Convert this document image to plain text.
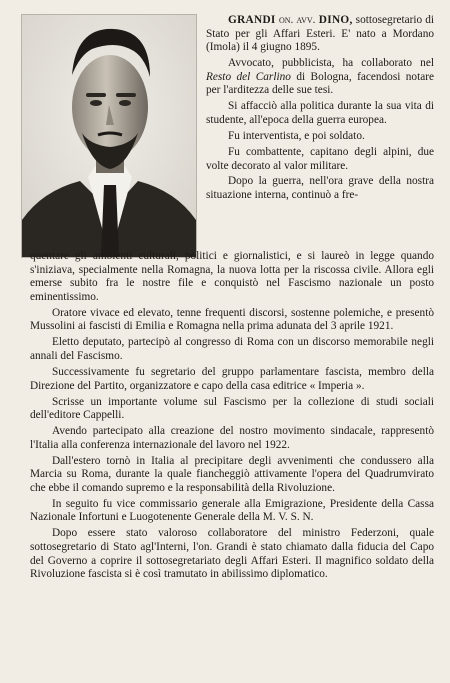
GRANDI on. avv. DINO, sottosegretario di Stato per gli Affari Esteri. E' nato a Mordano (Imola) il 4 giugno 1895.

Avvocato, pubblicista, ha collaborato nel Resto del Carlino di Bologna, facendosi notare per l'arditezza delle sue tesi.

Si affacciò alla politica durante la sua vita di studente, all'epoca della guerra europea.

Fu interventista, e poi soldato.

Fu combattente, capitano degli alpini, due volte decorato al valor militare.

Dopo la guerra, nell'ora grave della nostra situazione interna, continuò a fre-

quentare gli ambienti culturali, politici e giornalistici, e si laureò in legge quando s'iniziava, specialmente nella Romagna, la nuova lotta per la riscossa civile. Allora egli emerse subito fra le nostre file e conquistò nel Fascismo nazionale un posto eminentissimo.

Oratore vivace ed elevato, tenne frequenti discorsi, sostenne polemiche, e presentò Mussolini ai fascisti di Emilia e Romagna nella prima adunata del 3 aprile 1921.

Eletto deputato, partecipò al congresso di Roma con un discorso memorabile negli annali del Fascismo.

Successivamente fu segretario del gruppo parlamentare fascista, membro della Direzione del Partito, organizzatore e capo della casa editrice « Imperia ».

Scrisse un importante volume sul Fascismo per la collezione di studi sociali dell'editore Cappelli.

Avendo partecipato alla creazione del nostro movimento sindacale, rappresentò l'Italia alla conferenza internazionale del lavoro nel 1922.

Dall'estero tornò in Italia al precipitare degli avvenimenti che condussero alla Marcia su Roma, durante la quale fiancheggiò attivamente l'opera del Quadrumvirato che ebbe il comando supremo e la responsabilità della Rivoluzione.

In seguito fu vice commissario generale alla Emigrazione, Presidente della Cassa Nazionale Infortuni e Luogotenente Generale della M. V. S. N.

Dopo essere stato valoroso collaboratore del ministro Federzoni, quale sottosegretario di Stato agl'Interni, l'on. Grandi è stato chiamato dalla fiducia del Capo del Governo a coprire il sottosegretariato degli Affari Esteri. Il magnifico soldato della Rivoluzione fascista si è così tramutato in abilissimo diplomatico.
